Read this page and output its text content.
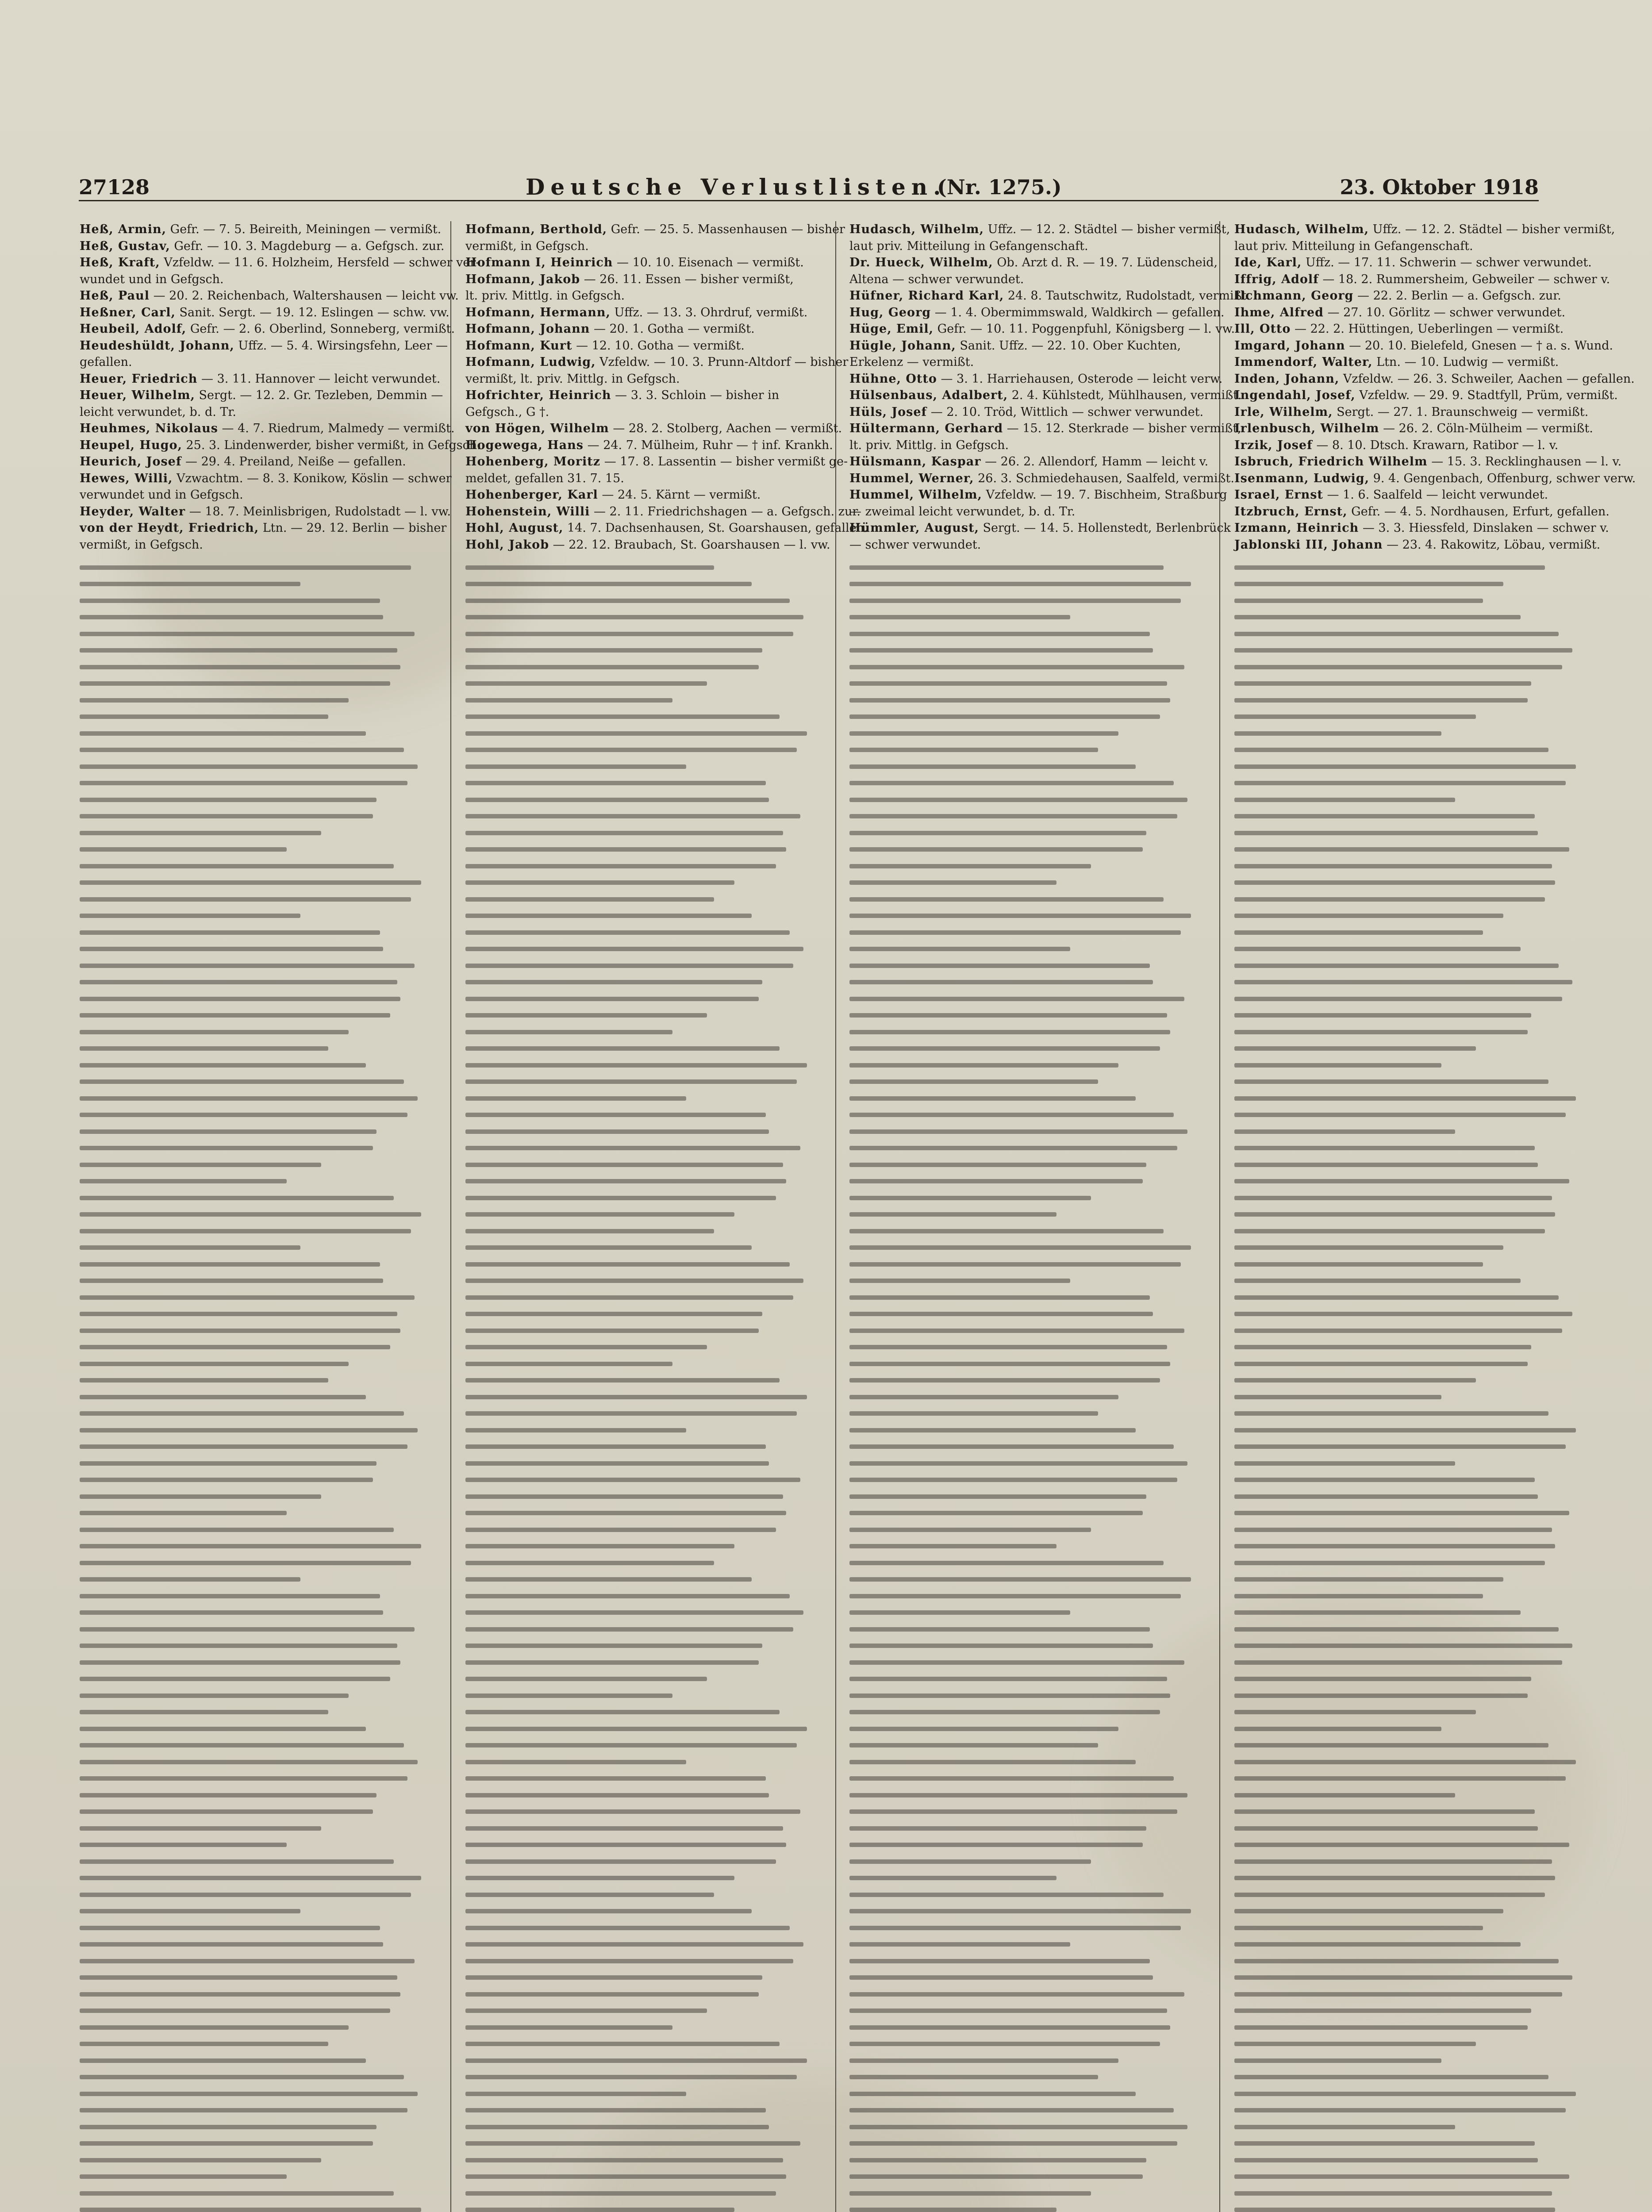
27128	Deutsche Verlustlisten.
(Nr. 1275.)	23. Oktober 1918
Heß, Armin, Gefr. — 7. 5. Beireith, Meiningen — vermißt.
Heß, Gustav, Gefr. — 10. 3. Magdeburg — a. Gefgsch. zur.
Heß, Kraft, Vzfeldw. — 11. 6. Holzheim, Hersfeld — schwer ver-
wundet und in Gefgsch.
Heß, Paul — 20. 2. Reichenbach, Waltershausen — leicht vw.
Heßner, Carl, Sanit. Sergt. — 19. 12. Eslingen — schw. vw.
Heubeil, Adolf, Gefr. — 2. 6. Oberlind, Sonneberg, vermißt.
Heudeshüldt, Johann, Uffz. — 5. 4. Wirsingsfehn, Leer —
gefallen.
Heuer, Friedrich — 3. 11. Hannover — leicht verwundet.
Heuer, Wilhelm, Sergt. — 12. 2. Gr. Tezleben, Demmin —
leicht verwundet, b. d. Tr.
Heuhmes, Nikolaus — 4. 7. Riedrum, Malmedy — vermißt.
Heupel, Hugo, 25. 3. Lindenwerder, bisher vermißt, in Gefgsch.
Heurich, Josef — 29. 4. Preiland, Neiße — gefallen.
Hewes, Willi, Vzwachtm. — 8. 3. Konikow, Köslin — schwer
verwundet und in Gefgsch.
Heyder, Walter — 18. 7. Meinlisbrigen, Rudolstadt — l. vw.
von der Heydt, Friedrich, Ltn. — 29. 12. Berlin — bisher
vermißt, in Gefgsch.
Hofmann, Berthold, Gefr. — 25. 5. Massenhausen — bisher
vermißt, in Gefgsch.
Hofmann I, Heinrich — 10. 10. Eisenach — vermißt.
Hofmann, Jakob — 26. 11. Essen — bisher vermißt,
lt. priv. Mittlg. in Gefgsch.
Hofmann, Hermann, Uffz. — 13. 3. Ohrdruf, vermißt.
Hofmann, Johann — 20. 1. Gotha — vermißt.
Hofmann, Kurt — 12. 10. Gotha — vermißt.
Hofmann, Ludwig, Vzfeldw. — 10. 3. Prunn-Altdorf — bisher
vermißt, lt. priv. Mittlg. in Gefgsch.
Hofrichter, Heinrich — 3. 3. Schloin — bisher in
Gefgsch., G †.
von Högen, Wilhelm — 28. 2. Stolberg, Aachen — vermißt.
Hogewega, Hans — 24. 7. Mülheim, Ruhr — † inf. Krankh.
Hohenberg, Moritz — 17. 8. Lassentin — bisher vermißt ge-
meldet, gefallen 31. 7. 15.
Hohenberger, Karl — 24. 5. Kärnt — vermißt.
Hohenstein, Willi — 2. 11. Friedrichshagen — a. Gefgsch. zur.
Hohl, August, 14. 7. Dachsenhausen, St. Goarshausen, gefallen.
Hohl, Jakob — 22. 12. Braubach, St. Goarshausen — l. vw.
Hudasch, Wilhelm, Uffz. — 12. 2. Städtel — bisher vermißt,
laut priv. Mitteilung in Gefangenschaft.
Dr. Hueck, Wilhelm, Ob. Arzt d. R. — 19. 7. Lüdenscheid,
Altena — schwer verwundet.
Hüfner, Richard Karl, 24. 8. Tautschwitz, Rudolstadt, vermißt.
Hug, Georg — 1. 4. Obermimmswald, Waldkirch — gefallen.
Hüge, Emil, Gefr. — 10. 11. Poggenpfuhl, Königsberg — l. vw.
Hügle, Johann, Sanit. Uffz. — 22. 10. Ober Kuchten,
Erkelenz — vermißt.
Hühne, Otto — 3. 1. Harriehausen, Osterode — leicht verw.
Hülsenbaus, Adalbert, 2. 4. Kühlstedt, Mühlhausen, vermißt.
Hüls, Josef — 2. 10. Tröd, Wittlich — schwer verwundet.
Hültermann, Gerhard — 15. 12. Sterkrade — bisher vermißt,
lt. priv. Mittlg. in Gefgsch.
Hülsmann, Kaspar — 26. 2. Allendorf, Hamm — leicht v.
Hummel, Werner, 26. 3. Schmiedehausen, Saalfeld, vermißt.
Hummel, Wilhelm, Vzfeldw. — 19. 7. Bischheim, Straßburg
— zweimal leicht verwundet, b. d. Tr.
Hümmler, August, Sergt. — 14. 5. Hollenstedt, Berlenbrück
— schwer verwundet.
Hudasch, Wilhelm, Uffz. — 12. 2. Städtel — bisher vermißt,
laut priv. Mitteilung in Gefangenschaft.
Ide, Karl, Uffz. — 17. 11. Schwerin — schwer verwundet.
Iffrig, Adolf — 18. 2. Rummersheim, Gebweiler — schwer v.
Ilchmann, Georg — 22. 2. Berlin — a. Gefgsch. zur.
Ihme, Alfred — 27. 10. Görlitz — schwer verwundet.
Ill, Otto — 22. 2. Hüttingen, Ueberlingen — vermißt.
Imgard, Johann — 20. 10. Bielefeld, Gnesen — † a. s. Wund.
Immendorf, Walter, Ltn. — 10. Ludwig — vermißt.
Inden, Johann, Vzfeldw. — 26. 3. Schweiler, Aachen — gefallen.
Ingendahl, Josef, Vzfeldw. — 29. 9. Stadtfyll, Prüm, vermißt.
Irle, Wilhelm, Sergt. — 27. 1. Braunschweig — vermißt.
Irlenbusch, Wilhelm — 26. 2. Cöln-Mülheim — vermißt.
Irzik, Josef — 8. 10. Dtsch. Krawarn, Ratibor — l. v.
Isbruch, Friedrich Wilhelm — 15. 3. Recklinghausen — l. v.
Isenmann, Ludwig, 9. 4. Gengenbach, Offenburg, schwer verw.
Israel, Ernst — 1. 6. Saalfeld — leicht verwundet.
Itzbruch, Ernst, Gefr. — 4. 5. Nordhausen, Erfurt, gefallen.
Izmann, Heinrich — 3. 3. Hiessfeld, Dinslaken — schwer v.
Jablonski III, Johann — 23. 4. Rakowitz, Löbau, vermißt.
